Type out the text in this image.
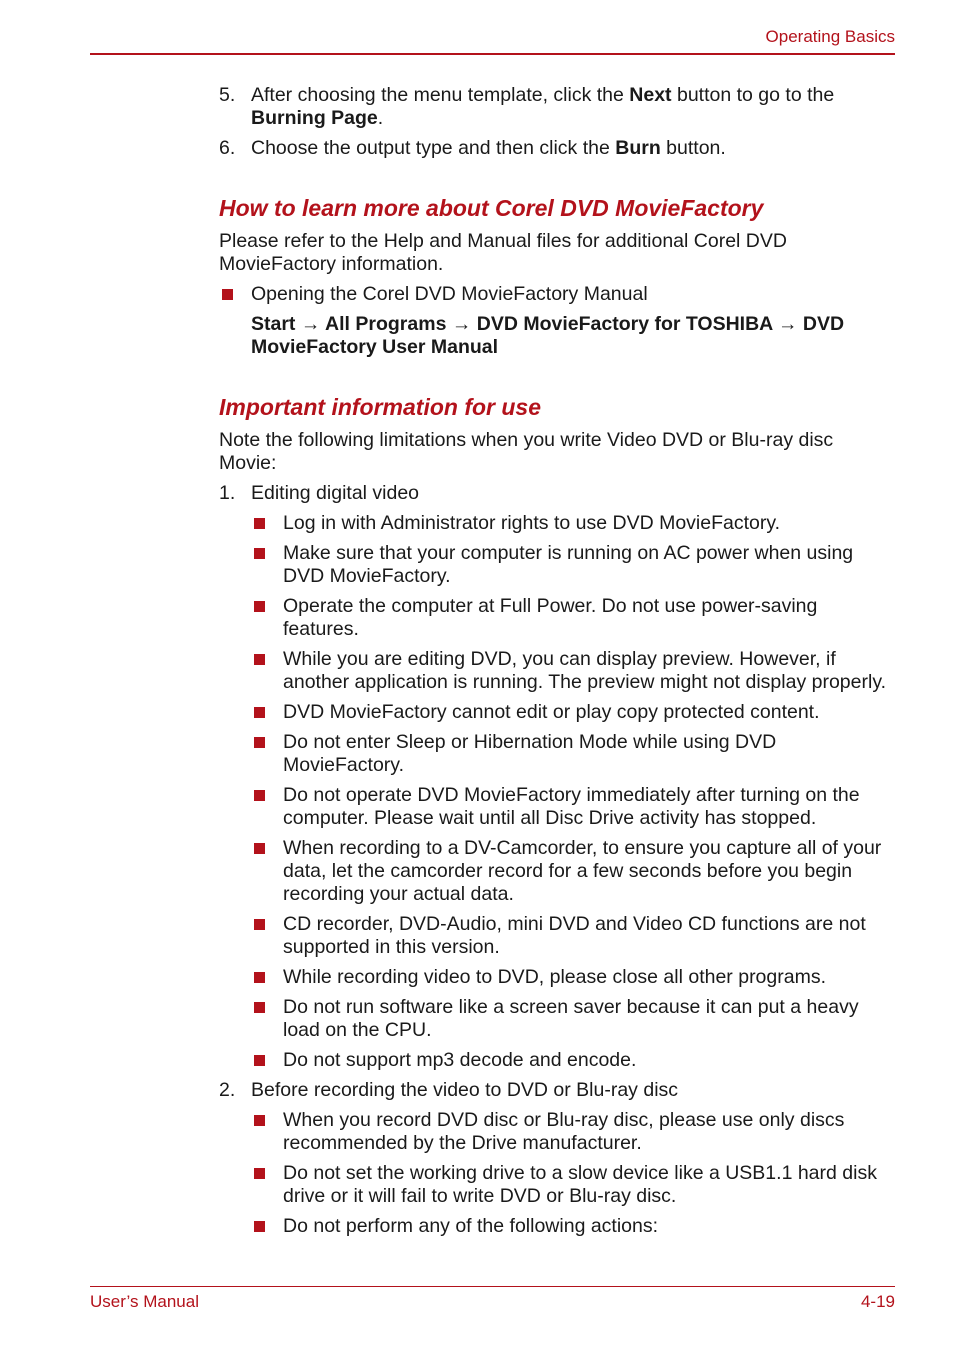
Operating Basics
5. After choosing the menu template, click the Next button to go to the Burning Page.
6. Choose the output type and then click the Burn button.
How to learn more about Corel DVD MovieFactory

Please refer to the Help and Manual files for additional Corel DVD MovieFactory information.

Opening the Corel DVD MovieFactory Manual

Start → All Programs → DVD MovieFactory for TOSHIBA → DVD MovieFactory User Manual

Important information for use

Note the following limitations when you write Video DVD or Blu-ray disc Movie:

1. Editing digital video
Log in with Administrator rights to use DVD MovieFactory.
Make sure that your computer is running on AC power when using DVD MovieFactory.
Operate the computer at Full Power. Do not use power-saving features.
While you are editing DVD, you can display preview. However, if another application is running. The preview might not display properly.
DVD MovieFactory cannot edit or play copy protected content.
Do not enter Sleep or Hibernation Mode while using DVD MovieFactory.
Do not operate DVD MovieFactory immediately after turning on the computer. Please wait until all Disc Drive activity has stopped.
When recording to a DV-Camcorder, to ensure you capture all of your data, let the camcorder record for a few seconds before you begin recording your actual data.
CD recorder, DVD-Audio, mini DVD and Video CD functions are not supported in this version.
While recording video to DVD, please close all other programs.
Do not run software like a screen saver because it can put a heavy load on the CPU.
Do not support mp3 decode and encode.
2. Before recording the video to DVD or Blu-ray disc
When you record DVD disc or Blu-ray disc, please use only discs recommended by the Drive manufacturer.
Do not set the working drive to a slow device like a USB1.1 hard disk drive or it will fail to write DVD or Blu-ray disc.
Do not perform any of the following actions:
User’s Manual	4-19
